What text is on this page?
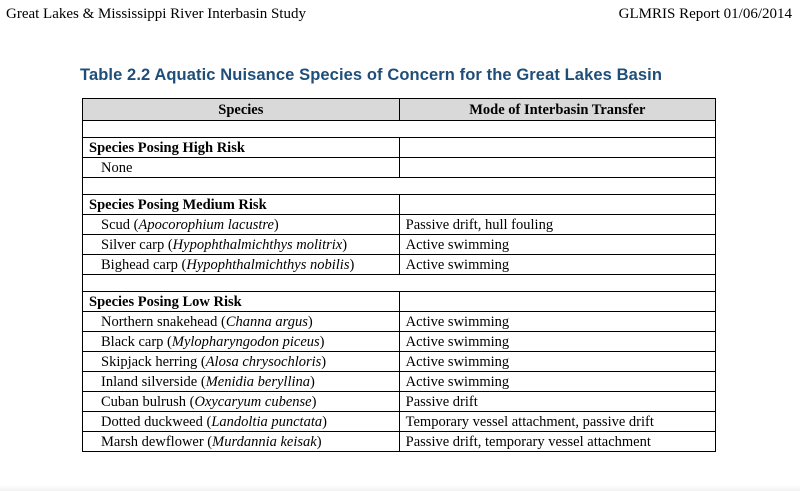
Great Lakes & Mississippi River Interbasin Study	GLMRIS Report 01/06/2014
Table 2.2 Aquatic Nuisance Species of Concern for the Great Lakes Basin
Species	Mode of Interbasin Transfer

Species Posing High Risk	
None	

Species Posing Medium Risk	
Scud (Apocorophium lacustre)	Passive drift, hull fouling
Silver carp (Hypophthalmichthys molitrix)	Active swimming
Bighead carp (Hypophthalmichthys nobilis)	Active swimming

Species Posing Low Risk	
Northern snakehead (Channa argus)	Active swimming
Black carp (Mylopharyngodon piceus)	Active swimming
Skipjack herring (Alosa chrysochloris)	Active swimming
Inland silverside (Menidia beryllina)	Active swimming
Cuban bulrush (Oxycaryum cubense)	Passive drift
Dotted duckweed (Landoltia punctata)	Temporary vessel attachment, passive drift
Marsh dewflower (Murdannia keisak)	Passive drift, temporary vessel attachment
